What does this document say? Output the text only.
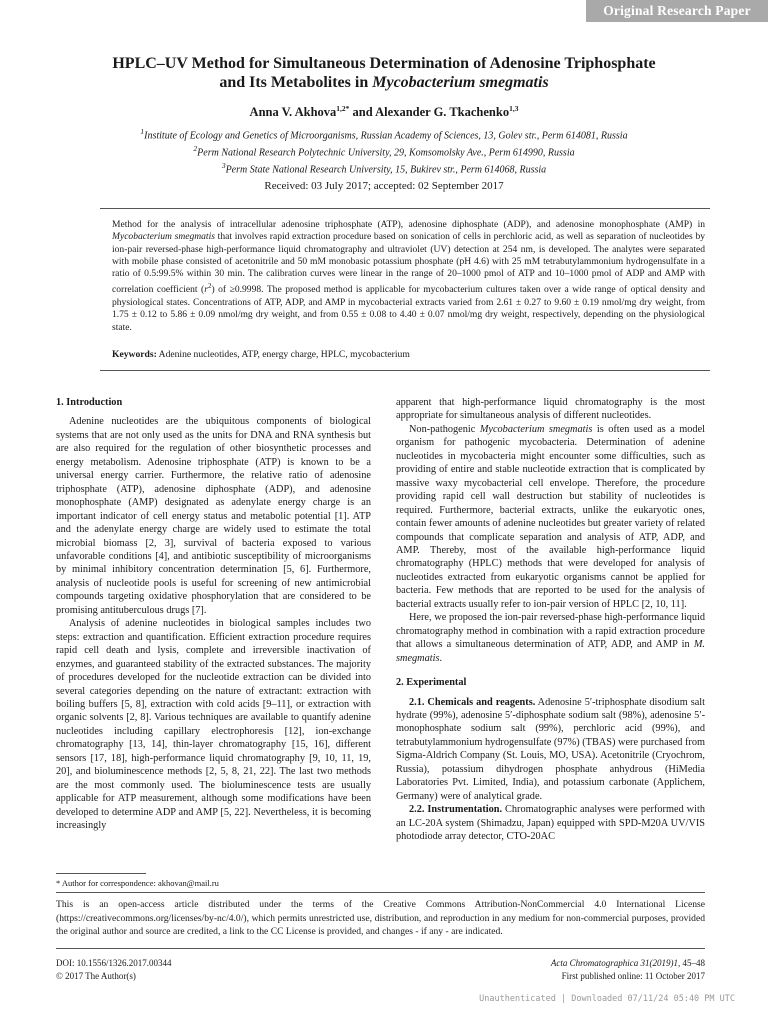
Original Research Paper
HPLC–UV Method for Simultaneous Determination of Adenosine Triphosphate
and Its Metabolites in Mycobacterium smegmatis
Anna V. Akhova$^{1,2*}$ and Alexander G. Tkachenko$^{1,3}$
$^1$Institute of Ecology and Genetics of Microorganisms, Russian Academy of Sciences, 13, Golev str., Perm 614081, Russia
$^2$Perm National Research Polytechnic University, 29, Komsomolsky Ave., Perm 614990, Russia
$^3$Perm State National Research University, 15, Bukirev str., Perm 614068, Russia
Received: 03 July 2017; accepted: 02 September 2017

Method for the analysis of intracellular adenosine triphosphate (ATP), adenosine diphosphate (ADP), and adenosine monophosphate (AMP) in Mycobacterium smegmatis that involves rapid extraction procedure based on sonication of cells in perchloric acid, as well as separation of nucleotides by ion-pair reversed-phase high-performance liquid chromatography and ultraviolet (UV) detection at 254 nm, is developed. The analytes were separated with mobile phase consisted of acetonitrile and 50 mM monobasic potassium phosphate (pH 4.6) with 25 mM tetrabutylammonium hydrogensulfate in a ratio of 0.5:99.5% within 30 min. The calibration curves were linear in the range of 20–1000 pmol of ATP and 10–1000 pmol of ADP and AMP with correlation coefficient $(r^2)$ of ≥0.9998. The proposed method is applicable for mycobacterium cultures taken over a wide range of optical density and physiological states. Concentrations of ATP, ADP, and AMP in mycobacterial extracts varied from 2.61 ± 0.27 to 9.60 ± 0.19 nmol/mg dry weight, from 1.75 ± 0.12 to 5.86 ± 0.09 nmol/mg dry weight, and from 0.55 ± 0.08 to 4.40 ± 0.07 nmol/mg dry weight, respectively, depending on the physiological state.

Keywords: Adenine nucleotides, ATP, energy charge, HPLC, mycobacterium

1. Introduction

Adenine nucleotides are the ubiquitous components of biological systems that are not only used as the units for DNA and RNA synthesis but are also required for the regulation of other biosynthetic processes and energy metabolism. Adenosine triphosphate (ATP) is known to be a universal energy carrier. Furthermore, the relative ratio of adenosine triphosphate (ATP), adenosine diphosphate (ADP), and adenosine monophosphate (AMP) designated as adenylate energy charge is an important indicator of cell energy status and metabolic potential [1]. ATP and the adenylate energy charge are widely used to estimate the total microbial biomass [2, 3], survival of bacteria exposed to various unfavorable conditions [4], and antibiotic susceptibility of microorganisms by minimal inhibitory concentration determination [5, 6]. Furthermore, analysis of nucleotide pools is useful for screening of new antimicrobial compounds targeting oxidative phosphorylation that are considered to be promising antituberculous drugs [7].

Analysis of adenine nucleotides in biological samples includes two steps: extraction and quantification. Efficient extraction procedure requires rapid cell death and lysis, complete and irreversible inactivation of enzymes, and guaranteed stability of the extracted substances. The majority of procedures developed for the nucleotide extraction can be divided into several categories depending on the nature of extractant: extraction with boiling buffers [5, 8], extraction with cold acids [9–11], or extraction with organic solvents [2, 8]. Various techniques are available to quantify adenine nucleotides including capillary electrophoresis [12], ion-exchange chromatography [13, 14], thin-layer chromatography [15, 16], different sensors [17, 18], high-performance liquid chromatography [9, 10, 11, 19, 20], and bioluminescence methods [2, 5, 8, 21, 22]. The last two methods are the most commonly used. The bioluminescence tests are usually applicable for ATP measurement, although some modifications have been developed to determine ADP and AMP [5, 22]. Nevertheless, it is becoming increasingly

apparent that high-performance liquid chromatography is the most appropriate for simultaneous analysis of different nucleotides.

Non-pathogenic Mycobacterium smegmatis is often used as a model organism for pathogenic mycobacteria. Determination of adenine nucleotides in mycobacteria might encounter some difficulties, such as providing of entire and stable nucleotide extraction that is complicated by massive waxy mycobacterial cell envelope. Therefore, the procedure providing rapid cell wall destruction but stability of nucleotides is required. Furthermore, bacterial extracts, unlike the eukaryotic ones, contain fewer amounts of adenine nucleotides but greater variety of related compounds that complicate separation and analysis of ATP, ADP, and AMP. Thereby, most of the available high-performance liquid chromatography (HPLC) methods that were developed for analysis of nucleotides extracted from eukaryotic organisms cannot be applied for bacteria. Few methods that are reported to be used for the analysis of bacterial extracts usually refer to ion-pair version of HPLC [2, 10, 11].

Here, we proposed the ion-pair reversed-phase high-performance liquid chromatography method in combination with a rapid extraction procedure that allows a simultaneous determination of ATP, ADP, and AMP in M. smegmatis.

2. Experimental

2.1. Chemicals and reagents. Adenosine 5′-triphosphate disodium salt hydrate (99%), adenosine 5′-diphosphate sodium salt (98%), adenosine 5′-monophosphate sodium salt (99%), perchloric acid (99%), and tetrabutylammonium hydrogensulfate (97%) (TBAS) were purchased from Sigma-Aldrich Company (St. Louis, MO, USA). Acetonitrile (Cryochrom, Russia), potassium dihydrogen phosphate anhydrous (HiMedia Laboratories Pvt. Limited, India), and potassium carbonate (Applichem, Germany) were of analytical grade.

2.2. Instrumentation. Chromatographic analyses were performed with an LC-20A system (Shimadzu, Japan) equipped with SPD-M20A UV/VIS photodiode array detector, CTO-20AC

* Author for correspondence: akhovan@mail.ru

This is an open-access article distributed under the terms of the Creative Commons Attribution-NonCommercial 4.0 International License (https://creativecommons.org/licenses/by-nc/4.0/), which permits unrestricted use, distribution, and reproduction in any medium for non-commercial purposes, provided the original author and source are credited, a link to the CC License is provided, and changes - if any - are indicated.

DOI: 10.1556/1326.2017.00344
© 2017 The Author(s)
Acta Chromatographica 31(2019)1, 45–48
First published online: 11 October 2017
Unauthenticated | Downloaded 07/11/24 05:40 PM UTC
